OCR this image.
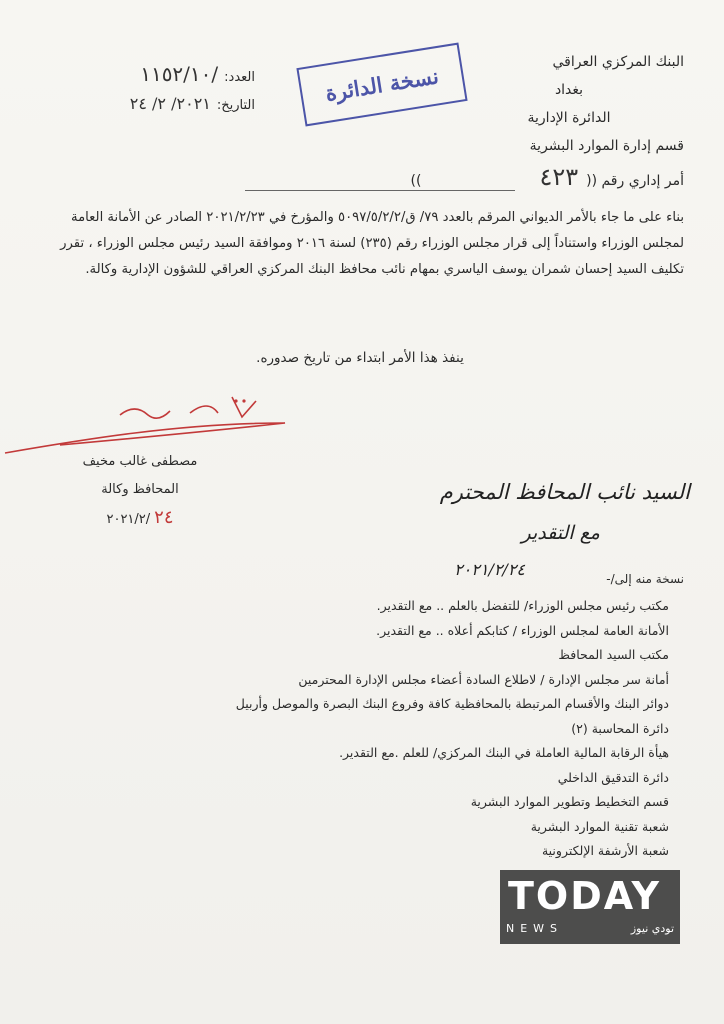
البنك المركزي العراقي
بغداد
الدائرة الإدارية
قسم إدارة الموارد البشرية
نسخة الدائرة
العدد:
١١٥٢/١٠/
التاريخ:
٢٠٢١/ ٢/ ٢٤
أمر إداري رقم ((
٤٢٣
))
بناء على ما جاء بالأمر الديواني المرقم بالعدد ٧٩/ ق/٥٠٩٧/٥/٢/٢ والمؤرخ في ٢٠٢١/٢/٢٣ الصادر عن الأمانة العامة لمجلس الوزراء واستناداً إلى قرار مجلس الوزراء رقم (٢٣٥) لسنة ٢٠١٦ وموافقة السيد رئيس مجلس الوزراء ، تقرر تكليف السيد إحسان شمران يوسف الياسري بمهام نائب محافظ البنك المركزي العراقي للشؤون الإدارية وكالة.
ينفذ هذا الأمر ابتداء من تاريخ صدوره.
مصطفى غالب مخيف
المحافظ وكالة
٢٠٢١/٢/ ٢٤
السيد نائب المحافظ المحترم
مع التقدير
٢٠٢١/٢/٢٤	نسخة منه إلى/-
مكتب رئيس مجلس الوزراء/ للتفضل بالعلم .. مع التقدير.
الأمانة العامة لمجلس الوزراء / كتابكم أعلاه .. مع التقدير.
مكتب السيد المحافظ
أمانة سر مجلس الإدارة / لاطلاع السادة أعضاء مجلس الإدارة المحترمين
دوائر البنك والأقسام المرتبطة بالمحافظية كافة وفروع البنك البصرة والموصل وأربيل
دائرة المحاسبة (٢)
هيأة الرقابة المالية العاملة في البنك المركزي/ للعلم .مع التقدير.
دائرة التدقيق الداخلي
قسم التخطيط وتطوير الموارد البشرية
شعبة تقنية الموارد البشرية
شعبة الأرشفة الإلكترونية
TODAY
NEWS	تودي نيوز
